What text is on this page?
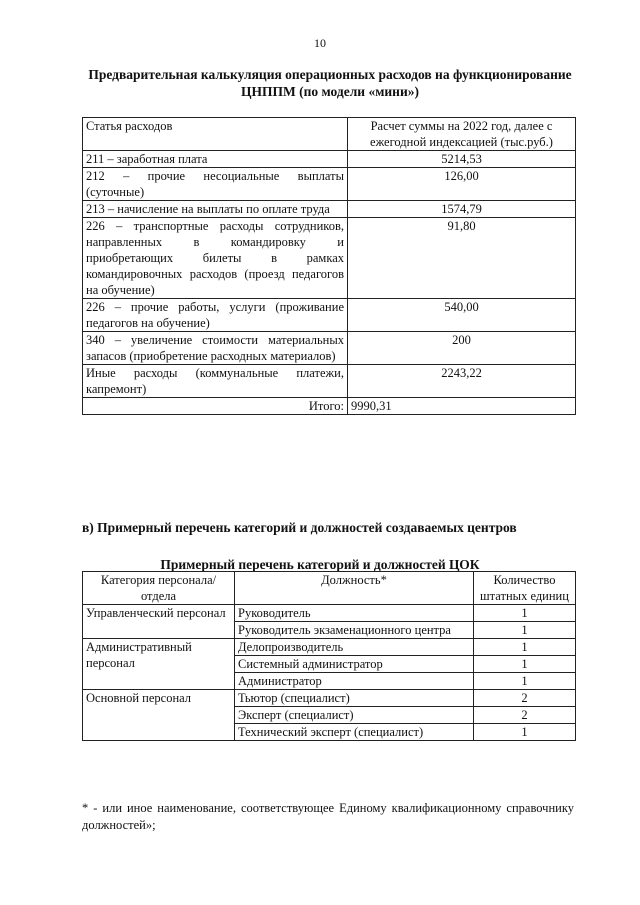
10
Предварительная калькуляция операционных расходов на функционирование ЦНППМ (по модели «мини»)
Статья расходов	Расчет суммы на 2022 год, далее с ежегодной индексацией (тыс.руб.)
211 – заработная плата	5214,53
212 – прочие несоциальные выплаты (суточные)	126,00
213 – начисление на выплаты по оплате труда	1574,79
226 – транспортные расходы сотрудников, направленных в командировку и приобретающих билеты в рамках командировочных расходов (проезд педагогов на обучение)	91,80
226 – прочие работы, услуги (проживание педагогов на обучение)	540,00
340 – увеличение стоимости материальных запасов (приобретение расходных материалов)	200
Иные расходы (коммунальные платежи, капремонт)	2243,22
Итого:	9990,31
в) Примерный перечень категорий и должностей создаваемых центров
Примерный перечень категорий и должностей ЦОК
Категория персонала/отдела	Должность*	Количество штатных единиц
Управленческий персонал	Руководитель	1
	Руководитель экзаменационного центра	1
Административный персонал	Делопроизводитель	1
	Системный администратор	1
	Администратор	1
Основной персонал	Тьютор (специалист)	2
	Эксперт (специалист)	2
	Технический эксперт (специалист)	1
* - или иное наименование, соответствующее Единому квалификационному справочнику должностей»;
